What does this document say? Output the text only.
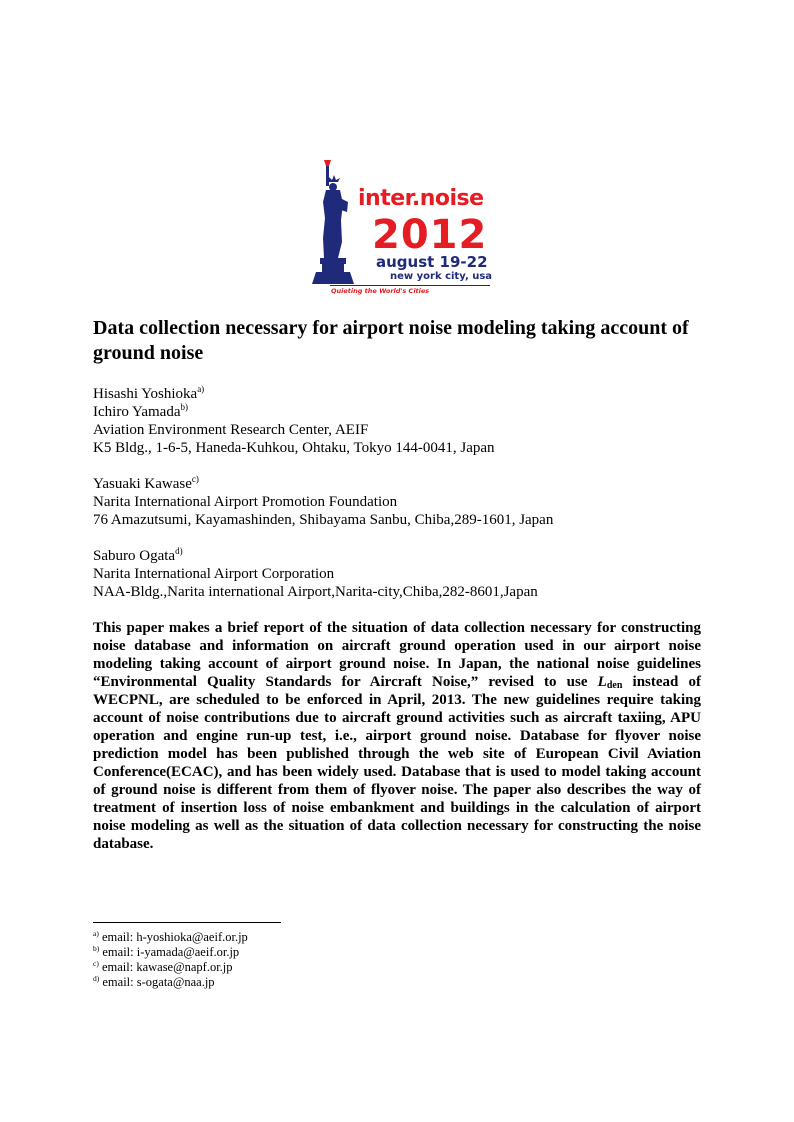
inter.noise
2012
august 19-22
new york city, usa
Quieting the World's Cities
Data collection necessary for airport noise modeling taking account of ground noise
Hisashi Yoshioka$^{a)}$
Ichiro Yamada$^{b)}$
Aviation Environment Research Center, AEIF
K5 Bldg., 1-6-5, Haneda-Kuhkou, Ohtaku, Tokyo 144-0041, Japan
Yasuaki Kawase$^{c)}$
Narita International Airport Promotion Foundation
76 Amazutsumi, Kayamashinden, Shibayama Sanbu, Chiba,289-1601, Japan
Saburo Ogata$^{d)}$
Narita International Airport Corporation
NAA-Bldg.,Narita international Airport,Narita-city,Chiba,282-8601,Japan

This paper makes a brief report of the situation of data collection necessary for constructing noise database and information on aircraft ground operation used in our airport noise modeling taking account of airport ground noise. In Japan, the national noise guidelines “Environmental Quality Standards for Aircraft Noise,” revised to use $L_{den}$ instead of WECPNL, are scheduled to be enforced in April, 2013. The new guidelines require taking account of noise contributions due to aircraft ground activities such as aircraft taxiing, APU operation and engine run-up test, i.e., airport ground noise. Database for flyover noise prediction model has been published through the web site of European Civil Aviation Conference(ECAC), and has been widely used. Database that is used to model taking account of ground noise is different from them of flyover noise. The paper also describes the way of treatment of insertion loss of noise embankment and buildings in the calculation of airport noise modeling as well as the situation of data collection necessary for constructing the noise database.

$^{a)}$ email: h-yoshioka@aeif.or.jp
$^{b)}$ email: i-yamada@aeif.or.jp
$^{c)}$ email: kawase@napf.or.jp
$^{d)}$ email: s-ogata@naa.jp
